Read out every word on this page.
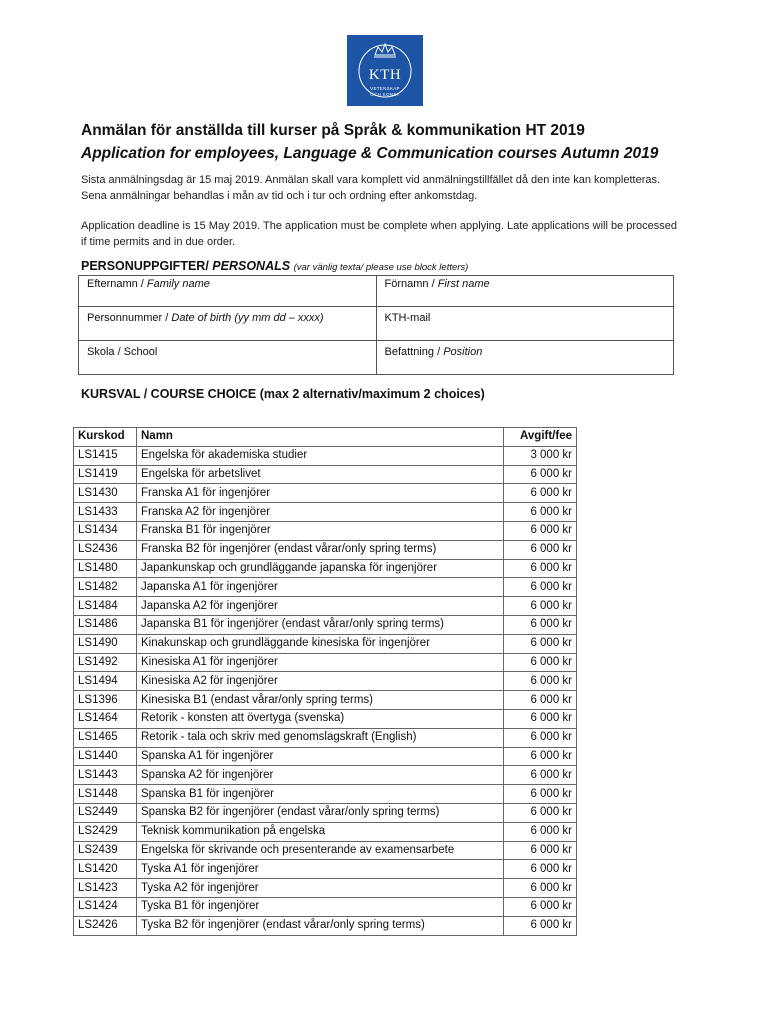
KTH
VETENSKAP
OCH KONST
Anmälan för anställda till kurser på Språk & kommunikation HT 2019
Application for employees, Language & Communication courses Autumn 2019
Sista anmälningsdag är 15 maj 2019. Anmälan skall vara komplett vid anmälningstillfället då den inte kan kompletteras. Sena anmälningar behandlas i mån av tid och i tur och ordning efter ankomstdag.
Application deadline is 15 May 2019. The application must be complete when applying. Late applications will be processed if time permits and in due order.
PERSONUPPGIFTER/ PERSONALS (var vänlig texta/ please use block letters)
Efternamn / Family name	Förnamn / First name
Personnummer / Date of birth (yy mm dd – xxxx)	KTH-mail
Skola / School	Befattning / Position
KURSVAL / COURSE CHOICE (max 2 alternativ/maximum 2 choices)
Kurskod	Namn	Avgift/fee
LS1415	Engelska för akademiska studier	3 000 kr
LS1419	Engelska för arbetslivet	6 000 kr
LS1430	Franska A1 för ingenjörer	6 000 kr
LS1433	Franska A2 för ingenjörer	6 000 kr
LS1434	Franska B1 för ingenjörer	6 000 kr
LS2436	Franska B2 för ingenjörer (endast vårar/only spring terms)	6 000 kr
LS1480	Japankunskap och grundläggande japanska för ingenjörer	6 000 kr
LS1482	Japanska A1 för ingenjörer	6 000 kr
LS1484	Japanska A2 för ingenjörer	6 000 kr
LS1486	Japanska B1 för ingenjörer (endast vårar/only spring terms)	6 000 kr
LS1490	Kinakunskap och grundläggande kinesiska för ingenjörer	6 000 kr
LS1492	Kinesiska A1 för ingenjörer	6 000 kr
LS1494	Kinesiska A2 för ingenjörer	6 000 kr
LS1396	Kinesiska B1 (endast vårar/only spring terms)	6 000 kr
LS1464	Retorik - konsten att övertyga (svenska)	6 000 kr
LS1465	Retorik - tala och skriv med genomslagskraft (English)	6 000 kr
LS1440	Spanska A1 för ingenjörer	6 000 kr
LS1443	Spanska A2 för ingenjörer	6 000 kr
LS1448	Spanska B1 för ingenjörer	6 000 kr
LS2449	Spanska B2 för ingenjörer (endast vårar/only spring terms)	6 000 kr
LS2429	Teknisk kommunikation på engelska	6 000 kr
LS2439	Engelska för skrivande och presenterande av examensarbete	6 000 kr
LS1420	Tyska A1 för ingenjörer	6 000 kr
LS1423	Tyska A2 för ingenjörer	6 000 kr
LS1424	Tyska B1 för ingenjörer	6 000 kr
LS2426	Tyska B2 för ingenjörer (endast vårar/only spring terms)	6 000 kr
